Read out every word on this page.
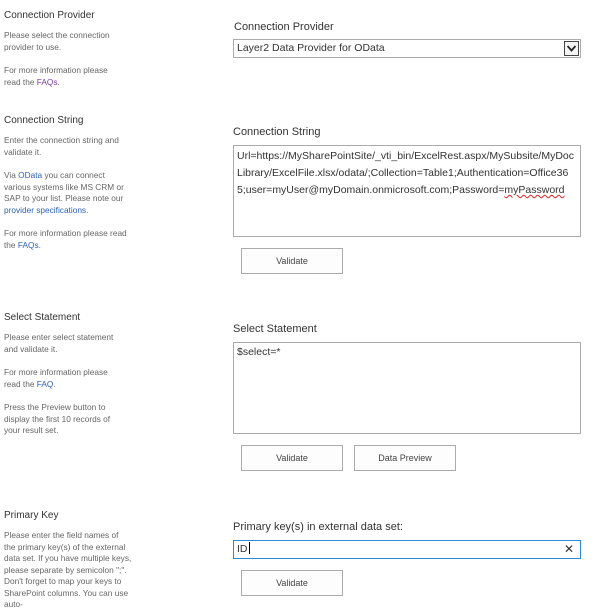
Connection Provider
Please select the connection provider to use.
For more information please read the FAQs.
Connection Provider
Layer2 Data Provider for OData
Connection String
Enter the connection string and validate it.
Via OData you can connect various systems like MS CRM or SAP to your list. Please note our provider specifications.
For more information please read the FAQs.
Connection String
Url=https://MySharePointSite/_vti_bin/ExcelRest.aspx/MySubsite/MyDocLibrary/ExcelFile.xlsx/odata/;Collection=Table1;Authentication=Office365;user=myUser@myDomain.onmicrosoft.com;Password=myPassword
Validate
Select Statement
Please enter select statement and validate it.
For more information please read the FAQ.
Press the Preview button to display the first 10 records of your result set.
Select Statement
$select=*
Validate	Data Preview
Primary Key
Please enter the field names of the primary key(s) of the external data set. If you have multiple keys, please separate by semicolon ";". Don't forget to map your keys to SharePoint columns. You can use auto-
Primary key(s) in external data set:
ID	✕
Validate
